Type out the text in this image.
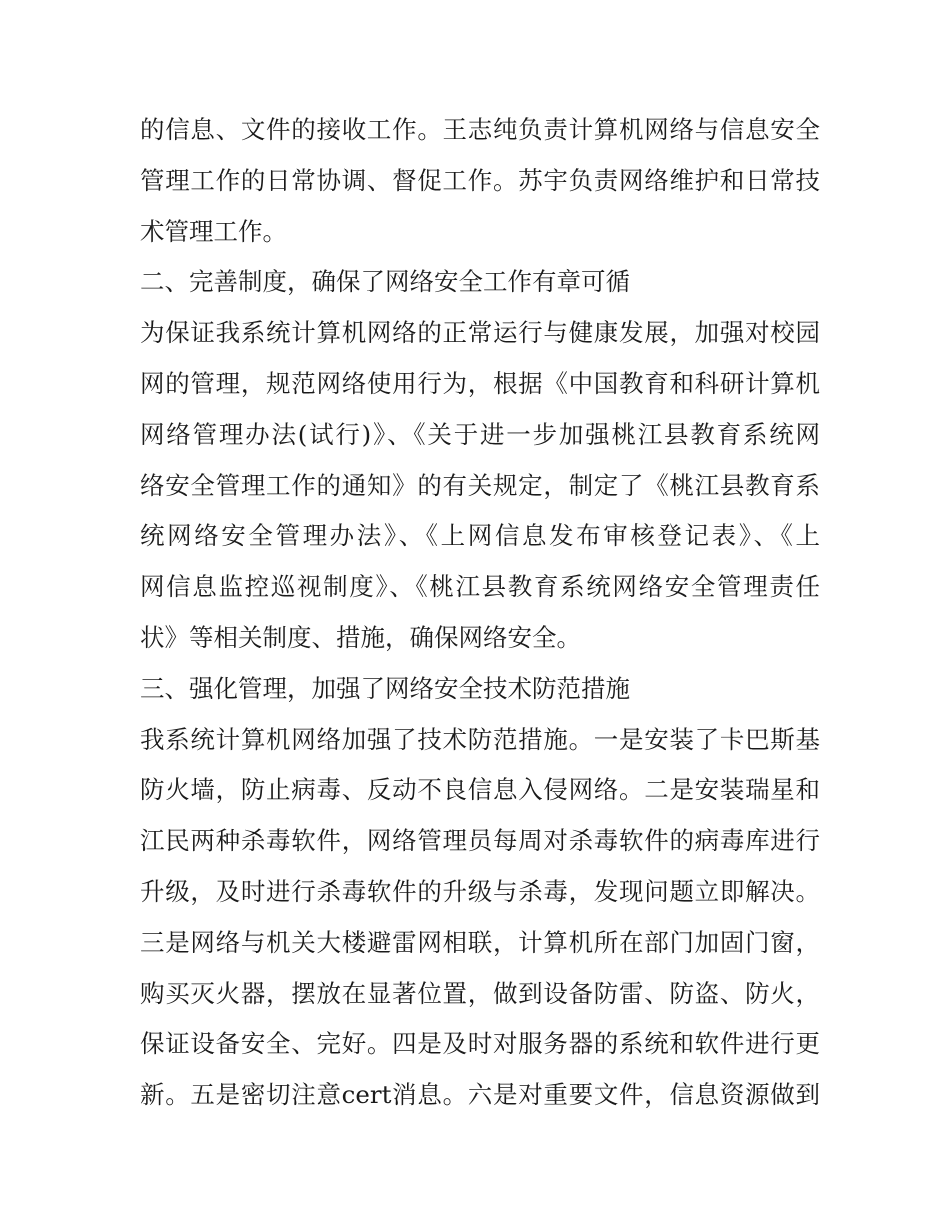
的信息、文件的接收工作。王志纯负责计算机网络与信息安全
管理工作的日常协调、督促工作。苏宇负责网络维护和日常技
术管理工作。
二、完善制度，确保了网络安全工作有章可循
为保证我系统计算机网络的正常运行与健康发展，加强对校园
网的管理，规范网络使用行为，根据《中国教育和科研计算机
网络管理办法(试行)》、《关于进一步加强桃江县教育系统网
络安全管理工作的通知》的有关规定，制定了《桃江县教育系
统网络安全管理办法》、《上网信息发布审核登记表》、《上
网信息监控巡视制度》、《桃江县教育系统网络安全管理责任
状》等相关制度、措施，确保网络安全。
三、强化管理，加强了网络安全技术防范措施
我系统计算机网络加强了技术防范措施。一是安装了卡巴斯基
防火墙，防止病毒、反动不良信息入侵网络。二是安装瑞星和
江民两种杀毒软件，网络管理员每周对杀毒软件的病毒库进行
升级，及时进行杀毒软件的升级与杀毒，发现问题立即解决。
三是网络与机关大楼避雷网相联，计算机所在部门加固门窗，
购买灭火器，摆放在显著位置，做到设备防雷、防盗、防火，
保证设备安全、完好。四是及时对服务器的系统和软件进行更
新。五是密切注意cert消息。六是对重要文件，信息资源做到
